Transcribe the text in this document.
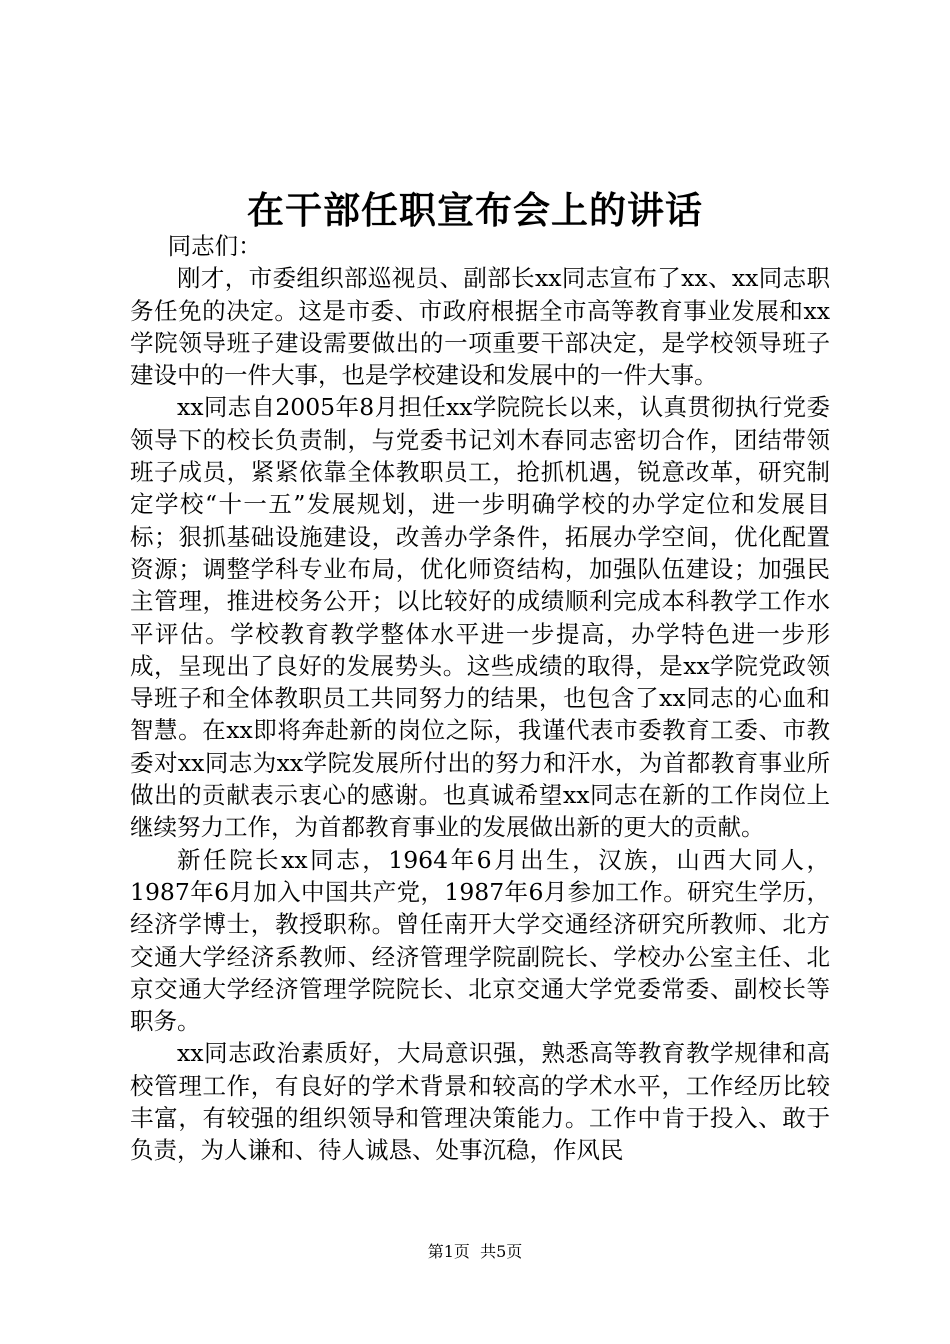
在干部任职宣布会上的讲话

同志们：

刚才，市委组织部巡视员、副部长xx同志宣布了xx、xx同志职务任免的决定。这是市委、市政府根据全市高等教育事业发展和xx学院领导班子建设需要做出的一项重要干部决定，是学校领导班子建设中的一件大事，也是学校建设和发展中的一件大事。

xx同志自2005年8月担任xx学院院长以来，认真贯彻执行党委领导下的校长负责制，与党委书记刘木春同志密切合作，团结带领班子成员，紧紧依靠全体教职员工，抢抓机遇，锐意改革，研究制定学校“十一五”发展规划，进一步明确学校的办学定位和发展目标；狠抓基础设施建设，改善办学条件，拓展办学空间，优化配置资源；调整学科专业布局，优化师资结构，加强队伍建设；加强民主管理，推进校务公开；以比较好的成绩顺利完成本科教学工作水平评估。学校教育教学整体水平进一步提高，办学特色进一步形成，呈现出了良好的发展势头。这些成绩的取得，是xx学院党政领导班子和全体教职员工共同努力的结果，也包含了xx同志的心血和智慧。在xx即将奔赴新的岗位之际，我谨代表市委教育工委、市教委对xx同志为xx学院发展所付出的努力和汗水，为首都教育事业所做出的贡献表示衷心的感谢。也真诚希望xx同志在新的工作岗位上继续努力工作，为首都教育事业的发展做出新的更大的贡献。

新任院长xx同志，1964年6月出生，汉族，山西大同人，1987年6月加入中国共产党，1987年6月参加工作。研究生学历，经济学博士，教授职称。曾任南开大学交通经济研究所教师、北方交通大学经济系教师、经济管理学院副院长、学校办公室主任、北京交通大学经济管理学院院长、北京交通大学党委常委、副校长等职务。

xx同志政治素质好，大局意识强，熟悉高等教育教学规律和高校管理工作，有良好的学术背景和较高的学术水平，工作经历比较丰富，有较强的组织领导和管理决策能力。工作中肯于投入、敢于负责，为人谦和、待人诚恳、处事沉稳，作风民

第1页 共5页
